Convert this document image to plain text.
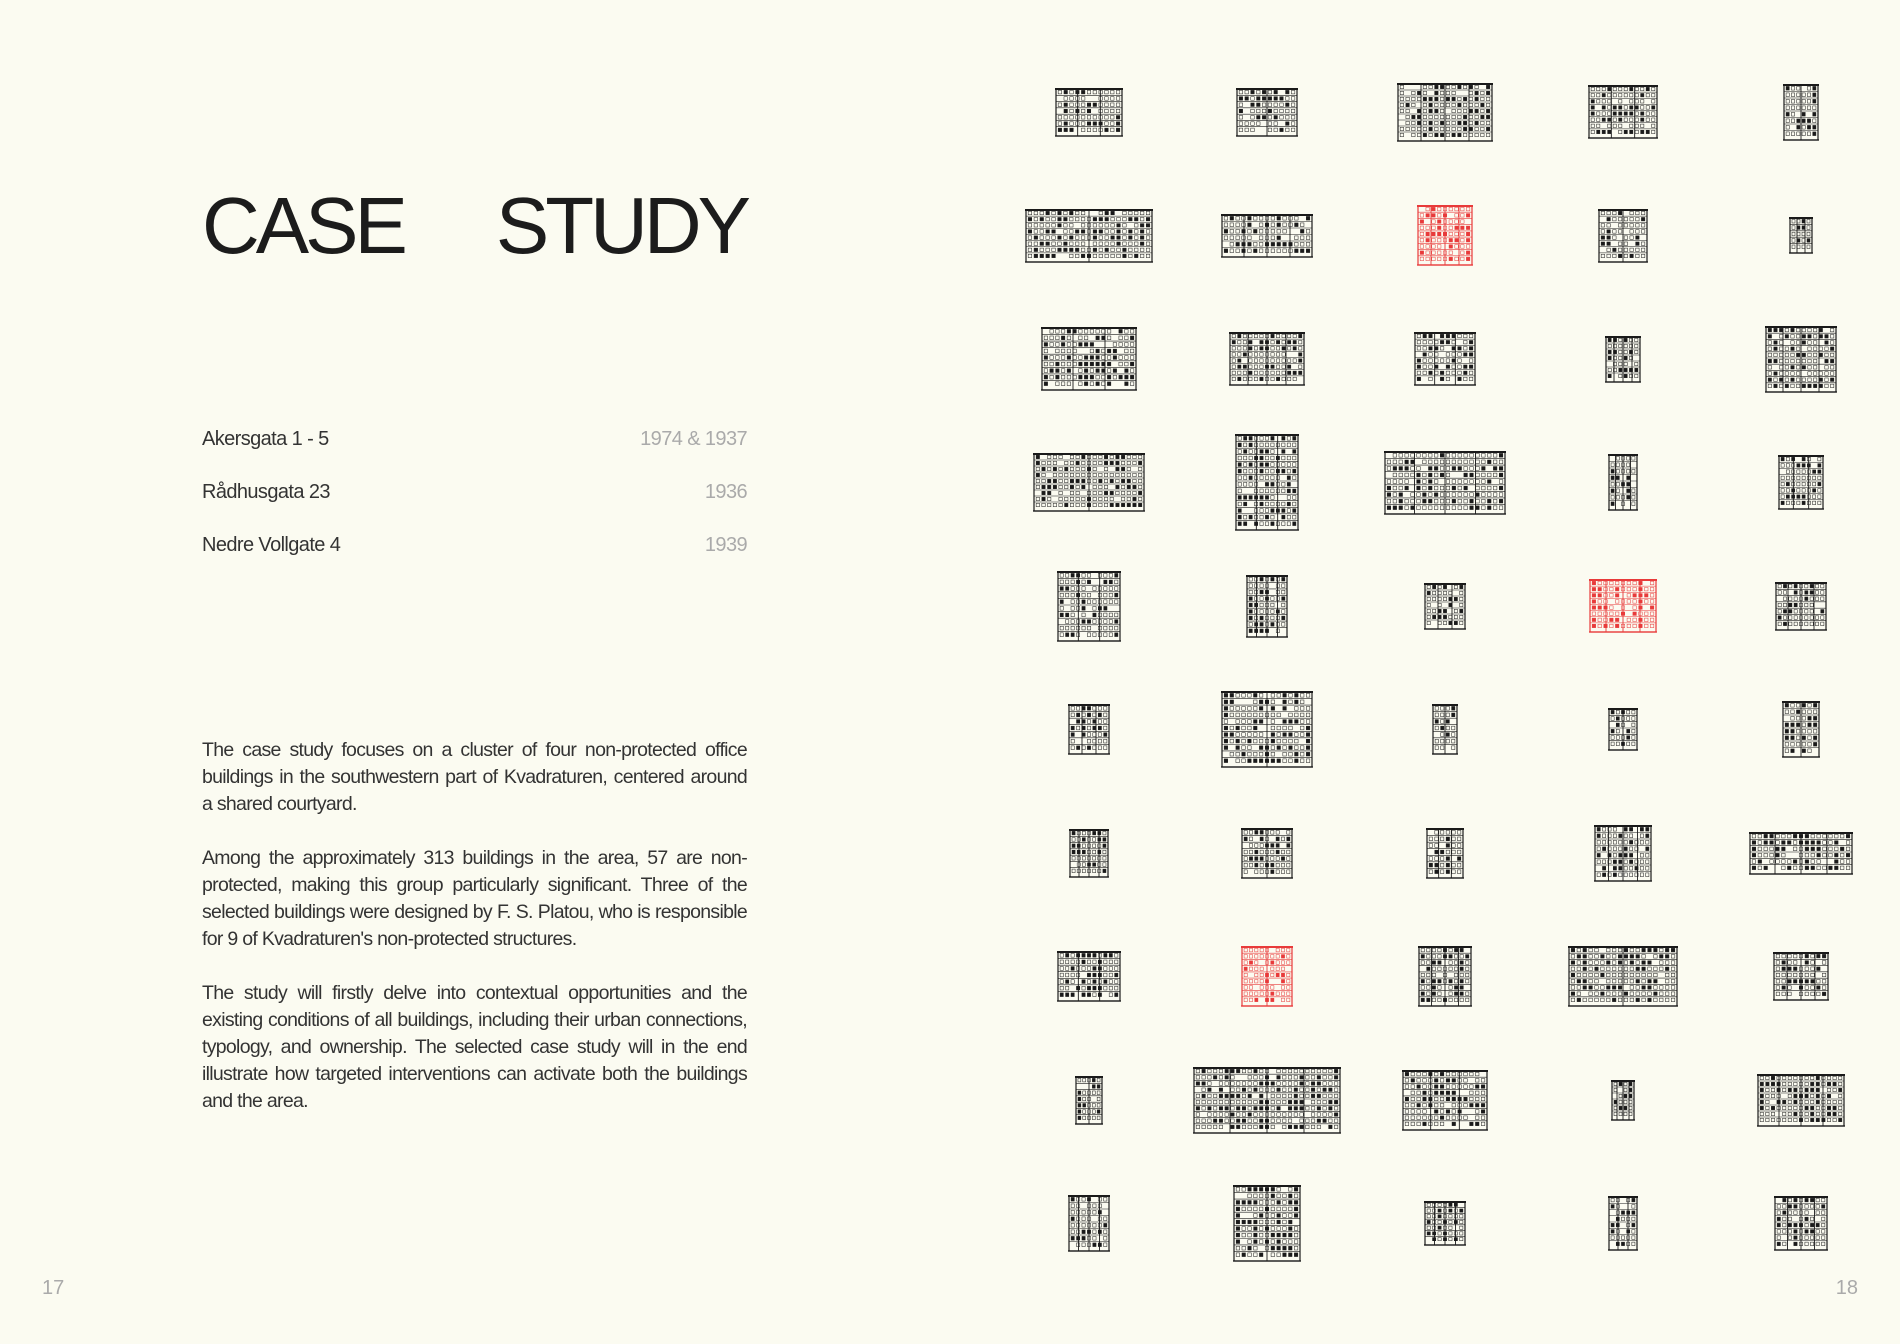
CASE STUDY
Akersgata 1 - 5	1974 & 1937
Rådhusgata 23	1936
Nedre Vollgate 4	1939

The case study focuses on a cluster of four non-protected office buildings in the southwestern part of Kvadraturen, centered around a shared courtyard.

Among the approximately 313 buildings in the area, 57 are non-protected, making this group particularly significant. Three of the selected buildings were designed by F. S. Platou, who is responsible for 9 of Kvadraturen's non-protected structures.

The study will firstly delve into contextual opportunities and the existing conditions of all buildings, including their urban connections, typology, and ownership. The selected case study will in the end illustrate how targeted interventions can activate both the buildings and the area.

17	18
